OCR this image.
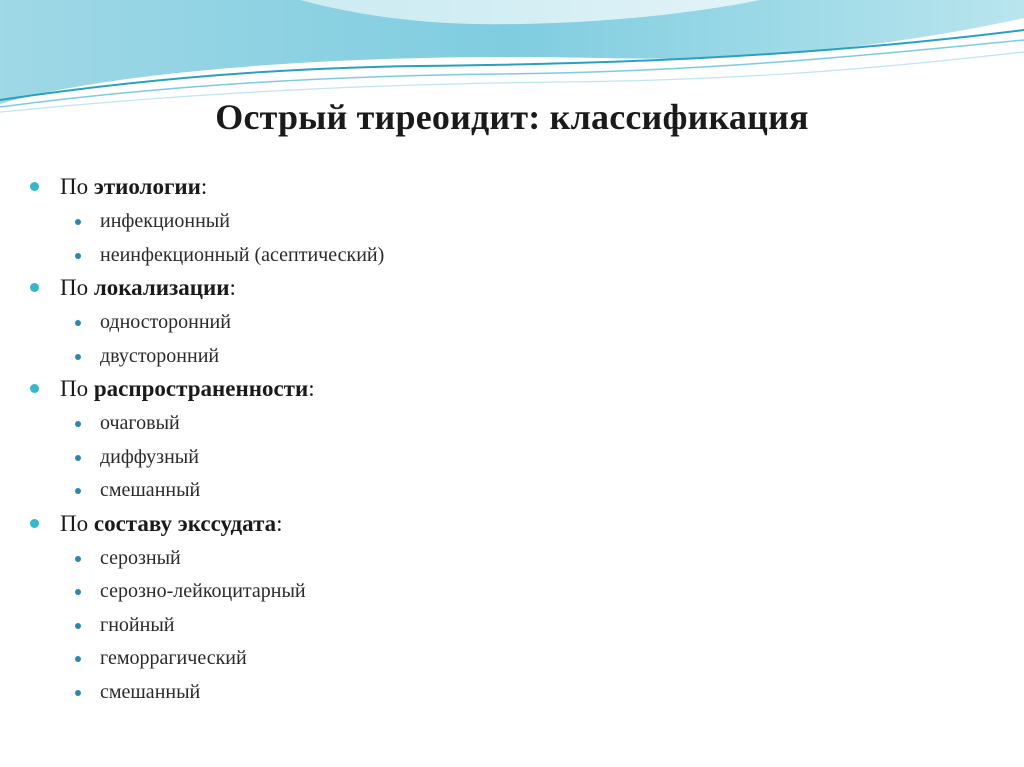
Острый тиреоидит: классификация
По этиологии:
инфекционный
неинфекционный (асептический)
По локализации:
односторонний
двусторонний
По распространенности:
очаговый
диффузный
смешанный
По составу экссудата:
серозный
серозно-лейкоцитарный
гнойный
геморрагический
смешанный
